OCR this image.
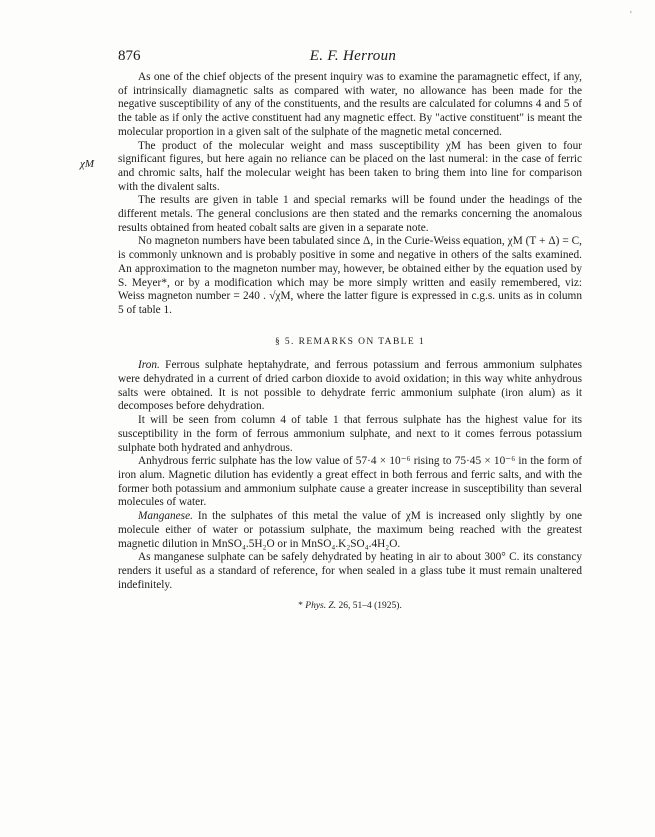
'
876	E. F. Herroun
χM

As one of the chief objects of the present inquiry was to examine the paramagnetic effect, if any, of intrinsically diamagnetic salts as compared with water, no allowance has been made for the negative susceptibility of any of the constituents, and the results are calculated for columns 4 and 5 of the table as if only the active constituent had any magnetic effect. By "active constituent" is meant the molecular proportion in a given salt of the sulphate of the magnetic metal concerned.

The product of the molecular weight and mass susceptibility χM has been given to four significant figures, but here again no reliance can be placed on the last numeral: in the case of ferric and chromic salts, half the molecular weight has been taken to bring them into line for comparison with the divalent salts.

The results are given in table 1 and special remarks will be found under the headings of the different metals. The general conclusions are then stated and the remarks concerning the anomalous results obtained from heated cobalt salts are given in a separate note.

No magneton numbers have been tabulated since Δ, in the Curie-Weiss equation, χM (T + Δ) = C, is commonly unknown and is probably positive in some and negative in others of the salts examined. An approximation to the magneton number may, however, be obtained either by the equation used by S. Meyer*, or by a modification which may be more simply written and easily remembered, viz: Weiss magneton number = 240 . √χM, where the latter figure is expressed in c.g.s. units as in column 5 of table 1.

§ 5. REMARKS ON TABLE 1

Iron. Ferrous sulphate heptahydrate, and ferrous potassium and ferrous ammonium sulphates were dehydrated in a current of dried carbon dioxide to avoid oxidation; in this way white anhydrous salts were obtained. It is not possible to dehydrate ferric ammonium sulphate (iron alum) as it decomposes before dehydration.

It will be seen from column 4 of table 1 that ferrous sulphate has the highest value for its susceptibility in the form of ferrous ammonium sulphate, and next to it comes ferrous potassium sulphate both hydrated and anhydrous.

Anhydrous ferric sulphate has the low value of 57·4 × 10⁻⁶ rising to 75·45 × 10⁻⁶ in the form of iron alum. Magnetic dilution has evidently a great effect in both ferrous and ferric salts, and with the former both potassium and ammonium sulphate cause a greater increase in susceptibility than several molecules of water.

Manganese. In the sulphates of this metal the value of χM is increased only slightly by one molecule either of water or potassium sulphate, the maximum being reached with the greatest magnetic dilution in MnSO₄.5H₂O or in MnSO₄.K₂SO₄.4H₂O.

As manganese sulphate can be safely dehydrated by heating in air to about 300° C. its constancy renders it useful as a standard of reference, for when sealed in a glass tube it must remain unaltered indefinitely.

* Phys. Z. 26, 51–4 (1925).
